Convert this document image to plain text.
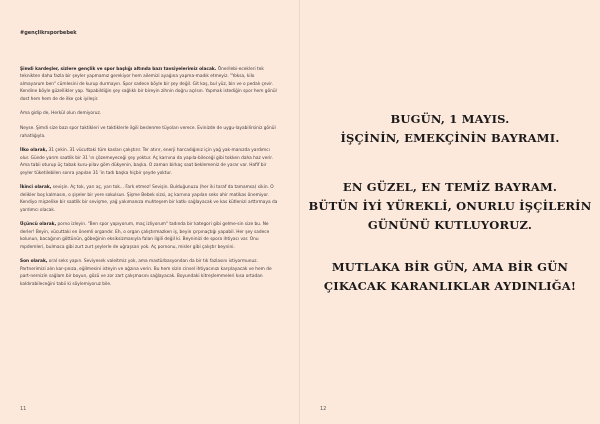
#gençlikrsporbebek

Şimdi kardeşler, sizlere gençlik ve spor başlığı altında bazı tavsiyelerimiz olacak. Önerilebi-ecekleri tek teknikten daha fazla bir şeyler yapmamız gerekiyor hem ailemizi ayağına yapma-madık etmeyiz. "Yoksa, kilo almayarum ben" cümlesini de kurup durmayın. Spor sadece böyle bir şey değil. Git koş, bul yüz, bin ve o pedalı çevir. Kendine böyle güzellikler yap. Yapabildiğin şey sağlıklı bir bireyin zihnin doğru açılsın. Yapmak istediğin spor hem gönül dost hem hem de de ilke çok iyileşir.

Ama gidip de, Herkül olun demiyoruz.

Neyse. Şimdi size bazı spor taktikleri ve taktiklerle ilgili beslenme tüyoları verece. Evinizde de uygu-layabilirsiniz gönül rahatlığıyla.

İlko olarak, 31 çekin. 31 vücuttaki tüm kasları çalıştırır. Ter atırır, enerji harcadığınız için yağ yak-manızda yardımcı olur. Günde yarım saatlik bir 31 'ın çözemeyeceği şey yoktur. Aç karnına da yapıla-bileceği gibi tokken daha haz verir. Ama tabii oturup üç tabak kuru-pilav göm dükyenin, başka. O zaman birkaç saat beklemeniz de yarar var. Hafif bir şeyler tüketilebilen sonra yapılan 31 'in tadı başka hiçbir şeyde yoktur.

İkinci olarak, sevişin. Aç tok, yarı aç, yarı tok... Fark etmez! Sevişin. Bulduğunuzu (her iki taraf da tamamsa) sikin. O delikler boş kalmasın, o şişeler bir yere sokulsun. Şişme Bebek sizsi, aç karnına yapılan seks ahir matikas önemiyor. Kendiyo mişzelike bir saatlik bir sevişme, yağ yakımanıza muhteşem bir katkı sağlayacak ve kas kütlenizi arttırmaya da yardımcı olacak.

Üçüncü olarak, porno izleyin. "Ben spor yapıyorum, maç izliyorum" tadında bir kategori gibi gelme-sin size bu. Ne derler! Beyin, vücuttaki en önemli organdır. Eh, o organ çalıştırmazken iş, beyin çırpınaçtığı yapabil. Her şey sadece kolunun, bacağının göttünün, göbeğinin eksiksizmanıyla falan ilgili değil ki. Beyninizi de spora ihtiyacı var. Onu mpdemleri, bulmaca gibi zurt zurt şeylerle de uğraşsan yok. Aç pornonu, misler gibi çalıştır beynini.

Son olarak, oral seks yapın. Seviyesek valeitmiz yok, ama mastürbasyondan da bir tık fazlasını istiyormunuz. Partnerimizi alın kar-şınıza, eğilmesini isteyin ve ağzına verin. Bu hem sizin cinsel ihtiyacınızı karşılayacak ve hem de part-nernizin sağlam bir boyun, gözü ve zor zart çalışmasını sağlayacak. Boyundaki kitreşlemmeleri kısa ortadan kaldırabileceğini tabii ki söylemiyoruz bile.

11
BUGÜN, 1 MAYIS.
İŞÇİNİN, EMEKÇİNİN BAYRAMI.
EN GÜZEL, EN TEMİZ BAYRAM.
BÜTÜN İYİ YÜREKLİ, ONURLU İŞÇİLERİN
GÜNÜNÜ KUTLUYORUZ.
MUTLAKA BİR GÜN, AMA BİR GÜN
ÇIKACAK KARANLIKLAR AYDINLIĞA!
12
